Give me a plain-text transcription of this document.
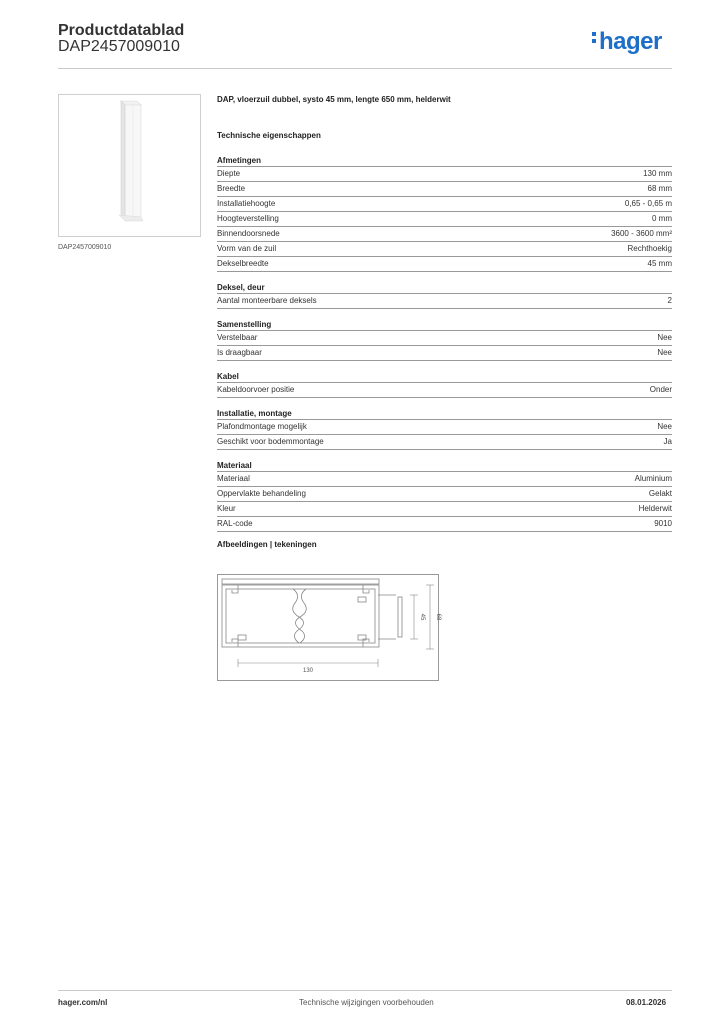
Productdatablad
DAP2457009010	hager
DAP2457009010
DAP, vloerzuil dubbel, systo 45 mm, lengte 650 mm, helderwit
Technische eigenschappen
Afmetingen
Diepte	130 mm
Breedte	68 mm
Installatiehoogte	0,65 - 0,65 m
Hoogteverstelling	0 mm
Binnendoorsnede	3600 - 3600 mm²
Vorm van de zuil	Rechthoekig
Dekselbreedte	45 mm
Deksel, deur
Aantal monteerbare deksels	2
Samenstelling
Verstelbaar	Nee
Is draagbaar	Nee
Kabel
Kabeldoorvoer positie	Onder
Installatie, montage
Plafondmontage mogelijk	Nee
Geschikt voor bodemmontage	Ja
Materiaal
Materiaal	Aluminium
Oppervlakte behandeling	Gelakt
Kleur	Helderwit
RAL-code	9010
Afbeeldingen | tekeningen
130
45 68
hager.com/nl	Technische wijzigingen voorbehouden	08.01.2026
